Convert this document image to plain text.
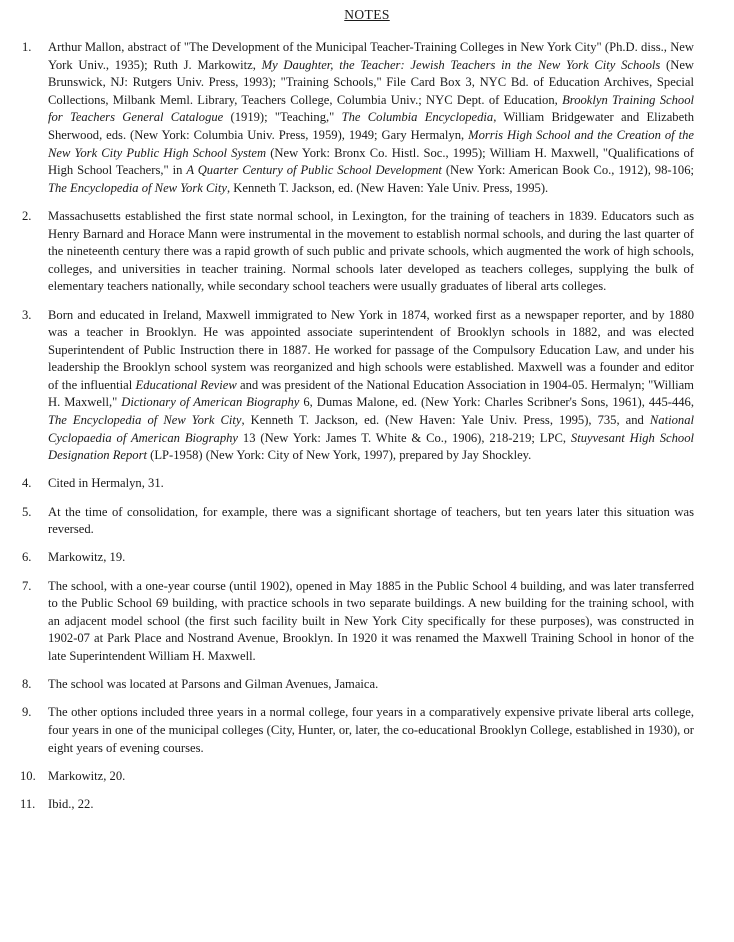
NOTES
1.	Arthur Mallon, abstract of "The Development of the Municipal Teacher-Training Colleges in New York City" (Ph.D. diss., New York Univ., 1935); Ruth J. Markowitz, My Daughter, the Teacher: Jewish Teachers in the New York City Schools (New Brunswick, NJ: Rutgers Univ. Press, 1993); "Training Schools," File Card Box 3, NYC Bd. of Education Archives, Special Collections, Milbank Meml. Library, Teachers College, Columbia Univ.; NYC Dept. of Education, Brooklyn Training School for Teachers General Catalogue (1919); "Teaching," The Columbia Encyclopedia, William Bridgewater and Elizabeth Sherwood, eds. (New York: Columbia Univ. Press, 1959), 1949; Gary Hermalyn, Morris High School and the Creation of the New York City Public High School System (New York: Bronx Co. Histl. Soc., 1995); William H. Maxwell, "Qualifications of High School Teachers," in A Quarter Century of Public School Development (New York: American Book Co., 1912), 98-106; The Encyclopedia of New York City, Kenneth T. Jackson, ed. (New Haven: Yale Univ. Press, 1995).
2.	Massachusetts established the first state normal school, in Lexington, for the training of teachers in 1839. Educators such as Henry Barnard and Horace Mann were instrumental in the movement to establish normal schools, and during the last quarter of the nineteenth century there was a rapid growth of such public and private schools, which augmented the work of high schools, colleges, and universities in teacher training. Normal schools later developed as teachers colleges, supplying the bulk of elementary teachers nationally, while secondary school teachers were usually graduates of liberal arts colleges.
3.	Born and educated in Ireland, Maxwell immigrated to New York in 1874, worked first as a newspaper reporter, and by 1880 was a teacher in Brooklyn. He was appointed associate superintendent of Brooklyn schools in 1882, and was elected Superintendent of Public Instruction there in 1887. He worked for passage of the Compulsory Education Law, and under his leadership the Brooklyn school system was reorganized and high schools were established. Maxwell was a founder and editor of the influential Educational Review and was president of the National Education Association in 1904-05. Hermalyn; "William H. Maxwell," Dictionary of American Biography 6, Dumas Malone, ed. (New York: Charles Scribner's Sons, 1961), 445-446, The Encyclopedia of New York City, Kenneth T. Jackson, ed. (New Haven: Yale Univ. Press, 1995), 735, and National Cyclopaedia of American Biography 13 (New York: James T. White & Co., 1906), 218-219; LPC, Stuyvesant High School Designation Report (LP-1958) (New York: City of New York, 1997), prepared by Jay Shockley.
4.	Cited in Hermalyn, 31.
5.	At the time of consolidation, for example, there was a significant shortage of teachers, but ten years later this situation was reversed.
6.	Markowitz, 19.
7.	The school, with a one-year course (until 1902), opened in May 1885 in the Public School 4 building, and was later transferred to the Public School 69 building, with practice schools in two separate buildings. A new building for the training school, with an adjacent model school (the first such facility built in New York City specifically for these purposes), was constructed in 1902-07 at Park Place and Nostrand Avenue, Brooklyn. In 1920 it was renamed the Maxwell Training School in honor of the late Superintendent William H. Maxwell.
8.	The school was located at Parsons and Gilman Avenues, Jamaica.
9.	The other options included three years in a normal college, four years in a comparatively expensive private liberal arts college, four years in one of the municipal colleges (City, Hunter, or, later, the co-educational Brooklyn College, established in 1930), or eight years of evening courses.
10. Markowitz, 20.
11.	Ibid., 22.
